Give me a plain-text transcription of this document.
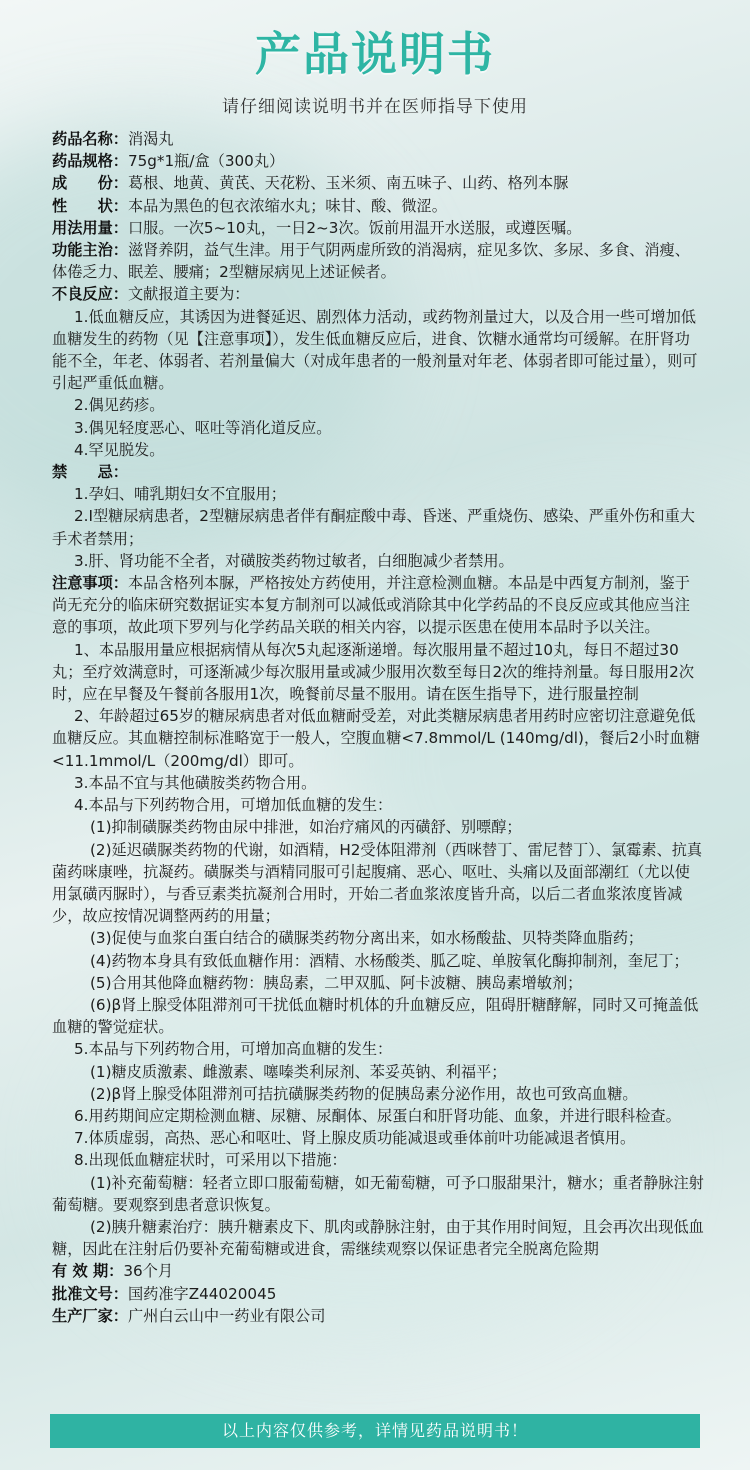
产品说明书
请仔细阅读说明书并在医师指导下使用

药品名称：消渴丸

药品规格：75g*1瓶/盒（300丸）

成　　份：葛根、地黄、黄芪、天花粉、玉米须、南五味子、山药、格列本脲

性　　状：本品为黑色的包衣浓缩水丸；味甘、酸、微涩。

用法用量：口服。一次5~10丸，一日2~3次。饭前用温开水送服，或遵医嘱。

功能主治：滋肾养阴，益气生津。用于气阴两虚所致的消渴病，症见多饮、多尿、多食、消瘦、体倦乏力、眠差、腰痛；2型糖尿病见上述证候者。

不良反应：文献报道主要为：

1.低血糖反应，其诱因为进餐延迟、剧烈体力活动，或药物剂量过大，以及合用一些可增加低血糖发生的药物（见【注意事项】），发生低血糖反应后，进食、饮糖水通常均可缓解。在肝肾功能不全，年老、体弱者、若剂量偏大（对成年患者的一般剂量对年老、体弱者即可能过量），则可引起严重低血糖。

2.偶见药疹。

3.偶见轻度恶心、呕吐等消化道反应。

4.罕见脱发。

禁　　忌：

1.孕妇、哺乳期妇女不宜服用；

2.I型糖尿病患者，2型糖尿病患者伴有酮症酸中毒、昏迷、严重烧伤、感染、严重外伤和重大手术者禁用；

3.肝、肾功能不全者，对磺胺类药物过敏者，白细胞减少者禁用。

注意事项：本品含格列本脲，严格按处方药使用，并注意检测血糖。本品是中西复方制剂，鉴于尚无充分的临床研究数据证实本复方制剂可以减低或消除其中化学药品的不良反应或其他应当注意的事项，故此项下罗列与化学药品关联的相关内容，以提示医患在使用本品时予以关注。

1、本品服用量应根据病情从每次5丸起逐渐递增。每次服用量不超过10丸，每日不超过30丸；至疗效满意时，可逐渐减少每次服用量或减少服用次数至每日2次的维持剂量。每日服用2次时，应在早餐及午餐前各服用1次，晚餐前尽量不服用。请在医生指导下，进行服量控制

2、年龄超过65岁的糖尿病患者对低血糖耐受差，对此类糖尿病患者用药时应密切注意避免低血糖反应。其血糖控制标准略宽于一般人，空腹血糖<7.8mmol/L (140mg/dl)，餐后2小时血糖<11.1mmol/L（200mg/dl）即可。

3.本品不宜与其他磺胺类药物合用。

4.本品与下列药物合用，可增加低血糖的发生：

(1)抑制磺脲类药物由尿中排泄，如治疗痛风的丙磺舒、别嘌醇；

(2)延迟磺脲类药物的代谢，如酒精，H2受体阻滞剂（西咪替丁、雷尼替丁）、氯霉素、抗真菌药咪康唑，抗凝药。磺脲类与酒精同服可引起腹痛、恶心、呕吐、头痛以及面部潮红（尤以使用氯磺丙脲时），与香豆素类抗凝剂合用时，开始二者血浆浓度皆升高，以后二者血浆浓度皆减少，故应按情况调整两药的用量；

(3)促使与血浆白蛋白结合的磺脲类药物分离出来，如水杨酸盐、贝特类降血脂药；

(4)药物本身具有致低血糖作用：酒精、水杨酸类、胍乙啶、单胺氧化酶抑制剂，奎尼丁；

(5)合用其他降血糖药物：胰岛素，二甲双胍、阿卡波糖、胰岛素增敏剂；

(6)β肾上腺受体阻滞剂可干扰低血糖时机体的升血糖反应，阻碍肝糖酵解，同时又可掩盖低血糖的警觉症状。

5.本品与下列药物合用，可增加高血糖的发生：

(1)糖皮质激素、雌激素、噻嗪类利尿剂、苯妥英钠、利福平；

(2)β肾上腺受体阻滞剂可拮抗磺脲类药物的促胰岛素分泌作用，故也可致高血糖。

6.用药期间应定期检测血糖、尿糖、尿酮体、尿蛋白和肝肾功能、血象，并进行眼科检查。

7.体质虚弱，高热、恶心和呕吐、肾上腺皮质功能减退或垂体前叶功能减退者慎用。

8.出现低血糖症状时，可采用以下措施：

(1)补充葡萄糖：轻者立即口服葡萄糖，如无葡萄糖，可予口服甜果汁，糖水；重者静脉注射葡萄糖。要观察到患者意识恢复。

(2)胰升糖素治疗：胰升糖素皮下、肌肉或静脉注射，由于其作用时间短，且会再次出现低血糖，因此在注射后仍要补充葡萄糖或进食，需继续观察以保证患者完全脱离危险期

有 效 期：36个月

批准文号：国药准字Z44020045

生产厂家：广州白云山中一药业有限公司

以上内容仅供参考，详情见药品说明书！
